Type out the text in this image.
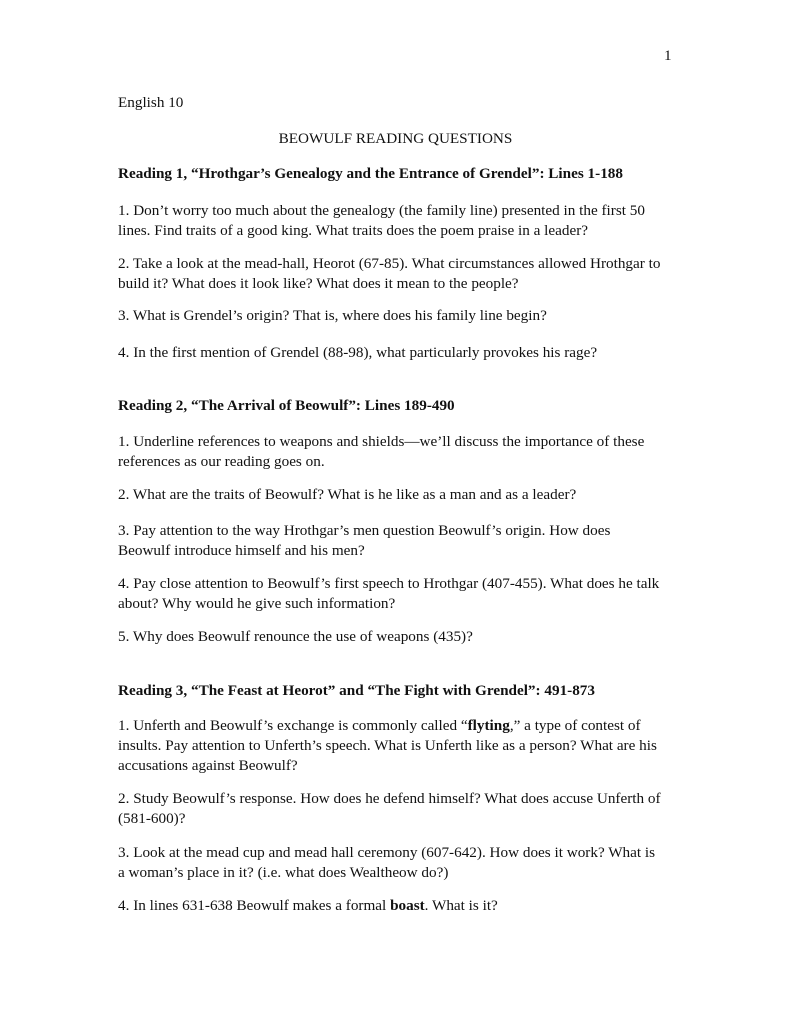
1
English 10
BEOWULF READING QUESTIONS
Reading 1, “Hrothgar’s Genealogy and the Entrance of Grendel”: Lines 1-188

1. Don’t worry too much about the genealogy (the family line) presented in the first 50
lines. Find traits of a good king. What traits does the poem praise in a leader?

2. Take a look at the mead-hall, Heorot (67-85). What circumstances allowed Hrothgar to
build it? What does it look like? What does it mean to the people?

3. What is Grendel’s origin? That is, where does his family line begin?

4. In the first mention of Grendel (88-98), what particularly provokes his rage?

Reading 2, “The Arrival of Beowulf”: Lines 189-490

1. Underline references to weapons and shields—we’ll discuss the importance of these
references as our reading goes on.

2. What are the traits of Beowulf? What is he like as a man and as a leader?

3. Pay attention to the way Hrothgar’s men question Beowulf’s origin. How does
Beowulf introduce himself and his men?

4. Pay close attention to Beowulf’s first speech to Hrothgar (407-455). What does he talk
about? Why would he give such information?

5. Why does Beowulf renounce the use of weapons (435)?

Reading 3, “The Feast at Heorot” and “The Fight with Grendel”: 491-873

1. Unferth and Beowulf’s exchange is commonly called “flyting,” a type of contest of
insults. Pay attention to Unferth’s speech. What is Unferth like as a person? What are his
accusations against Beowulf?

2. Study Beowulf’s response. How does he defend himself? What does accuse Unferth of
(581-600)?

3. Look at the mead cup and mead hall ceremony (607-642). How does it work? What is
a woman’s place in it? (i.e. what does Wealtheow do?)

4. In lines 631-638 Beowulf makes a formal boast. What is it?
